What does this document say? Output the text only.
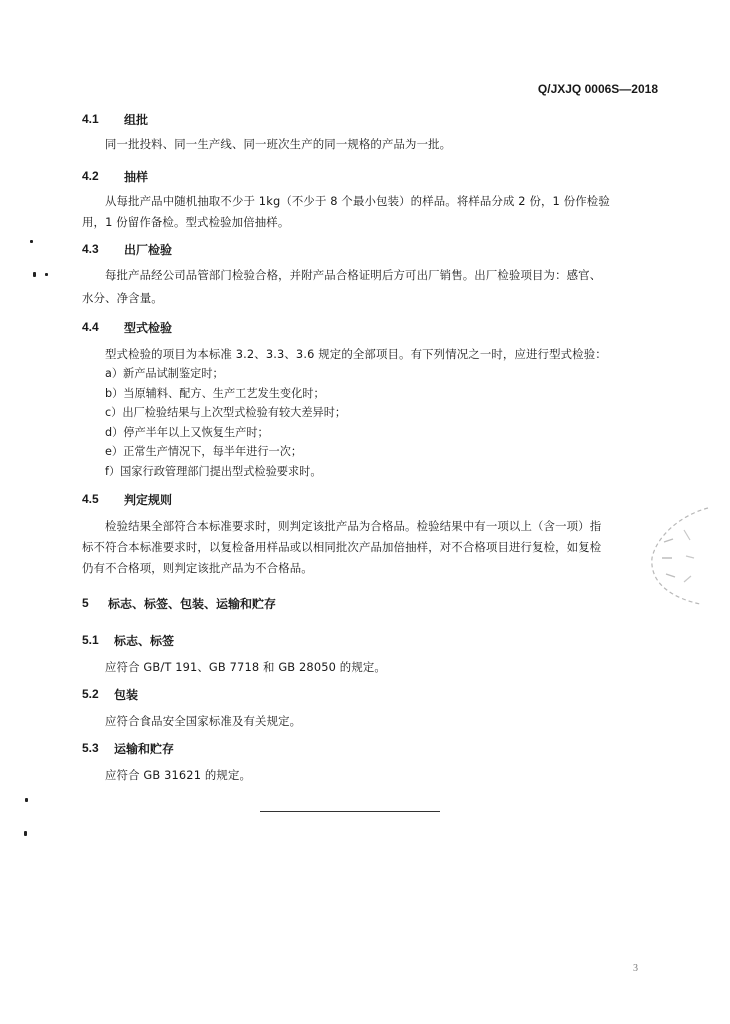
Q/JXJQ 0006S—2018
4.1 组批
同一批投料、同一生产线、同一班次生产的同一规格的产品为一批。
4.2 抽样
从每批产品中随机抽取不少于 1kg（不少于 8 个最小包装）的样品。将样品分成 2 份，1 份作检验
用，1 份留作备检。型式检验加倍抽样。
4.3 出厂检验
每批产品经公司品管部门检验合格，并附产品合格证明后方可出厂销售。出厂检验项目为：感官、
水分、净含量。
4.4 型式检验
型式检验的项目为本标准 3.2、3.3、3.6 规定的全部项目。有下列情况之一时，应进行型式检验：
a）新产品试制鉴定时；
b）当原辅料、配方、生产工艺发生变化时；
c）出厂检验结果与上次型式检验有较大差异时；
d）停产半年以上又恢复生产时；
e）正常生产情况下，每半年进行一次；
f）国家行政管理部门提出型式检验要求时。
4.5 判定规则
检验结果全部符合本标准要求时，则判定该批产品为合格品。检验结果中有一项以上（含一项）指
标不符合本标准要求时，以复检备用样品或以相同批次产品加倍抽样，对不合格项目进行复检，如复检
仍有不合格项，则判定该批产品为不合格品。
5 标志、标签、包装、运输和贮存
5.1 标志、标签
应符合 GB/T 191、GB 7718 和 GB 28050 的规定。
5.2 包装
应符合食品安全国家标准及有关规定。
5.3 运输和贮存
应符合 GB 31621 的规定。
3
